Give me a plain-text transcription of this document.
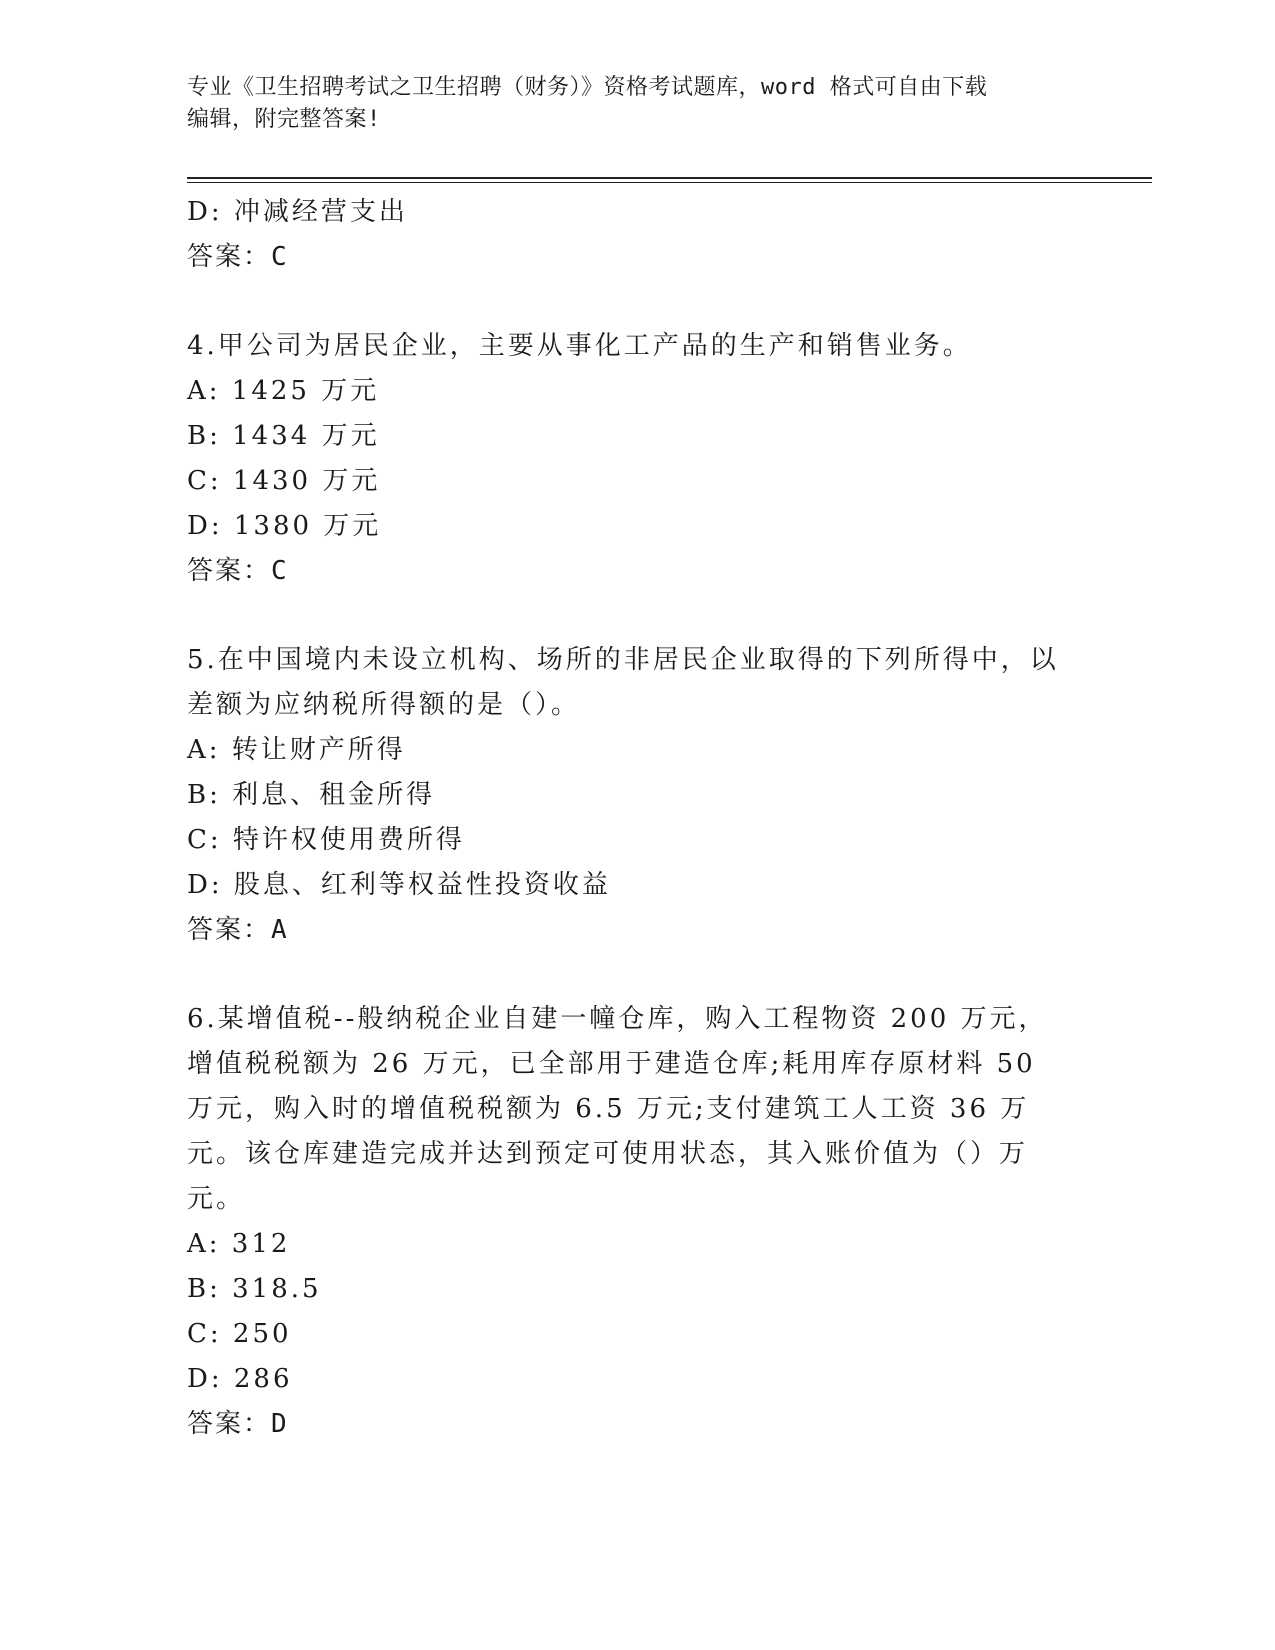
专业《卫生招聘考试之卫生招聘（财务）》资格考试题库，word 格式可自由下载
编辑，附完整答案!
D: 冲减经营支出
答案：C
4.甲公司为居民企业，主要从事化工产品的生产和销售业务。
A: 1425 万元
B: 1434 万元
C: 1430 万元
D: 1380 万元
答案：C
5.在中国境内未设立机构、场所的非居民企业取得的下列所得中，以差额为应纳税所得额的是（）。
A: 转让财产所得
B: 利息、租金所得
C: 特许权使用费所得
D: 股息、红利等权益性投资收益
答案：A
6.某增值税--般纳税企业自建一幢仓库，购入工程物资 200 万元，增值税税额为 26 万元，已全部用于建造仓库;耗用库存原材料 50 万元，购入时的增值税税额为 6.5 万元;支付建筑工人工资 36 万元。该仓库建造完成并达到预定可使用状态，其入账价值为（）万元。
A: 312
B: 318.5
C: 250
D: 286
答案：D
